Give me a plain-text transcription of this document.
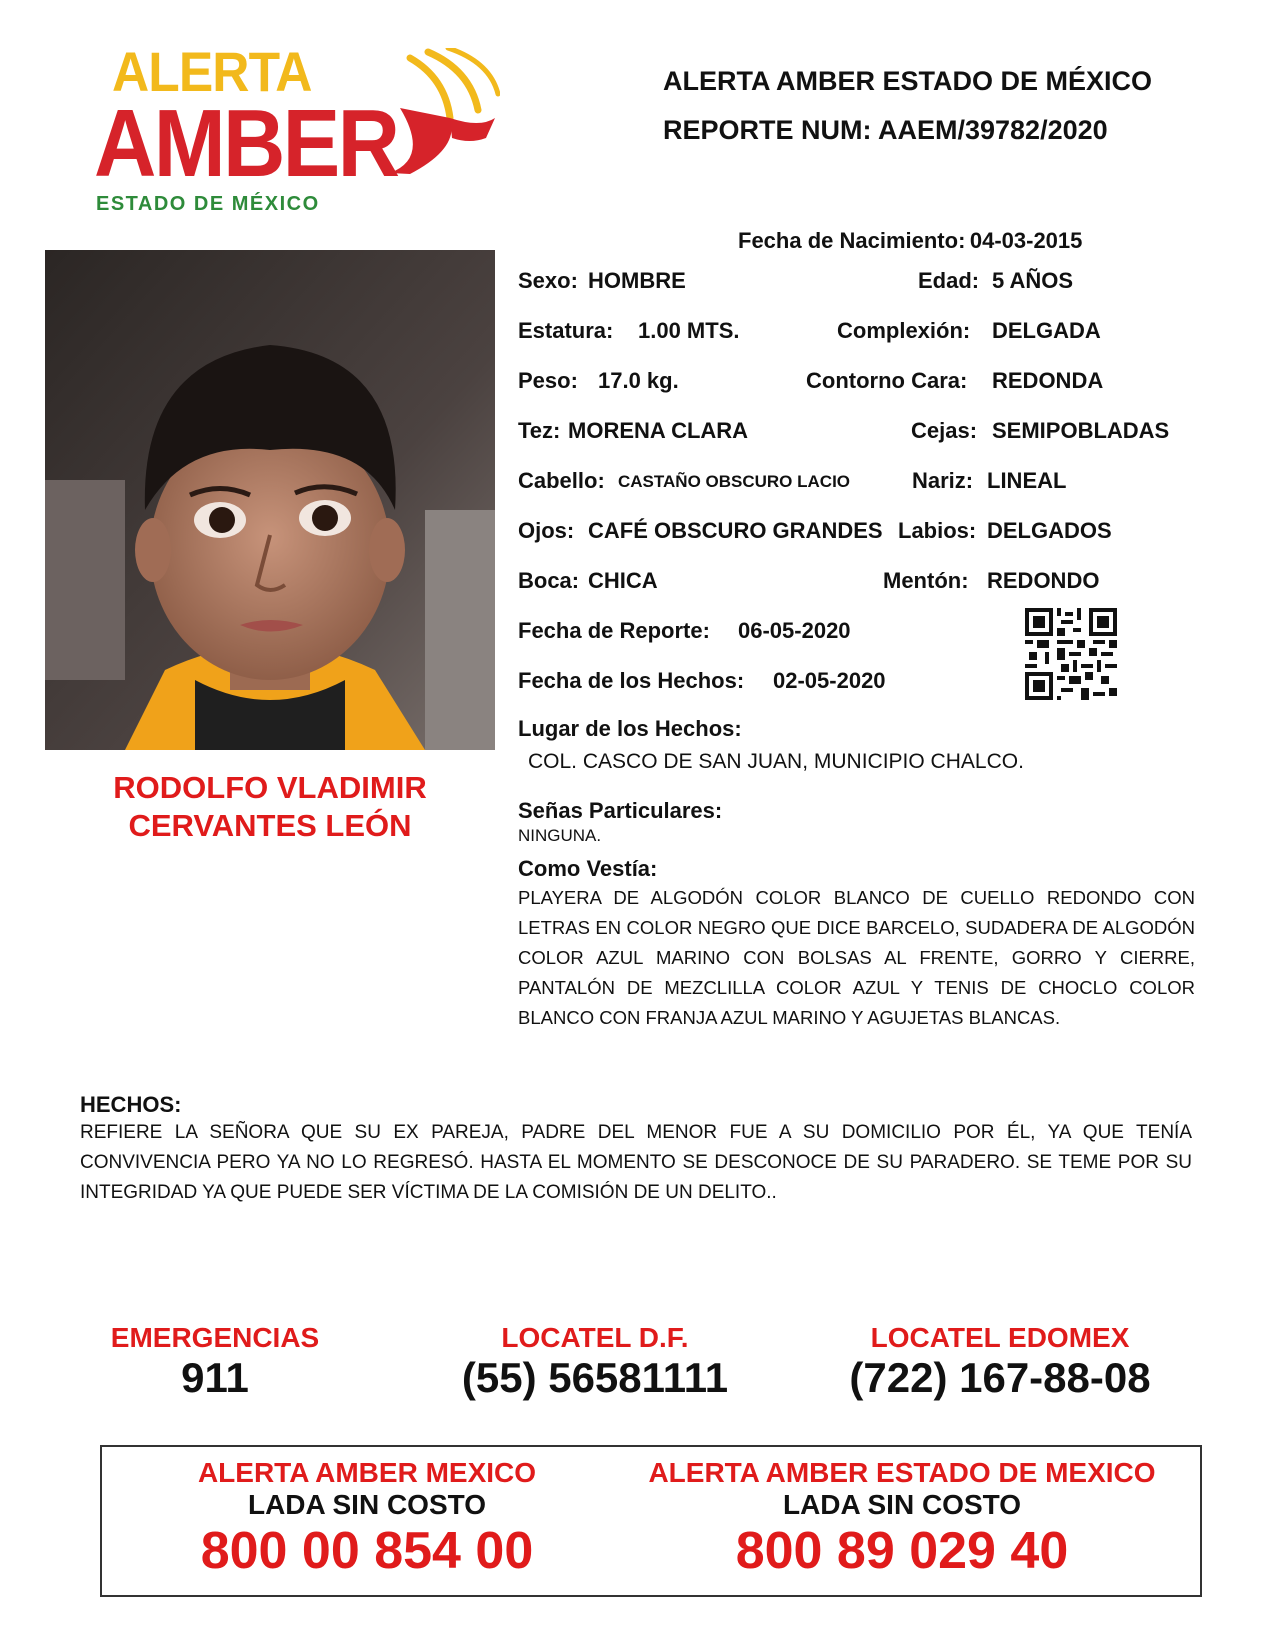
ALERTA
AMBER
ESTADO DE MÉXICO
ALERTA AMBER ESTADO DE MÉXICO
REPORTE NUM: AAEM/39782/2020
RODOLFO VLADIMIR
CERVANTES LEÓN
Fecha de Nacimiento: 04-03-2015
Sexo: HOMBRE	Edad: 5 AÑOS
Estatura: 1.00 MTS.	Complexión: DELGADA
Peso: 17.0 kg.	Contorno Cara: REDONDA
Tez: MORENA CLARA	Cejas: SEMIPOBLADAS
Cabello: CASTAÑO OBSCURO LACIO	Nariz: LINEAL
Ojos: CAFÉ OBSCURO GRANDES Labios: DELGADOS
Boca: CHICA	Mentón: REDONDO
Fecha de Reporte: 06-05-2020
Fecha de los Hechos: 02-05-2020
Lugar de los Hechos:
COL. CASCO DE SAN JUAN, MUNICIPIO CHALCO.
Señas Particulares:
NINGUNA.
Como Vestía:
PLAYERA DE ALGODÓN COLOR BLANCO DE CUELLO REDONDO CON LETRAS EN COLOR NEGRO QUE DICE BARCELO, SUDADERA DE ALGODÓN COLOR AZUL MARINO CON BOLSAS AL FRENTE, GORRO Y CIERRE, PANTALÓN DE MEZCLILLA COLOR AZUL Y TENIS DE CHOCLO COLOR BLANCO CON FRANJA AZUL MARINO Y AGUJETAS BLANCAS.
HECHOS:
REFIERE LA SEÑORA QUE SU EX PAREJA, PADRE DEL MENOR FUE A SU DOMICILIO POR ÉL, YA QUE TENÍA CONVIVENCIA PERO YA NO LO REGRESÓ. HASTA EL MOMENTO SE DESCONOCE DE SU PARADERO. SE TEME POR SU INTEGRIDAD YA QUE PUEDE SER VÍCTIMA DE LA COMISIÓN DE UN DELITO..
EMERGENCIAS
911
LOCATEL D.F.
(55) 56581111
LOCATEL EDOMEX
(722) 167-88-08
ALERTA AMBER MEXICO
LADA SIN COSTO
800 00 854 00
ALERTA AMBER ESTADO DE MEXICO
LADA SIN COSTO
800 89 029 40
